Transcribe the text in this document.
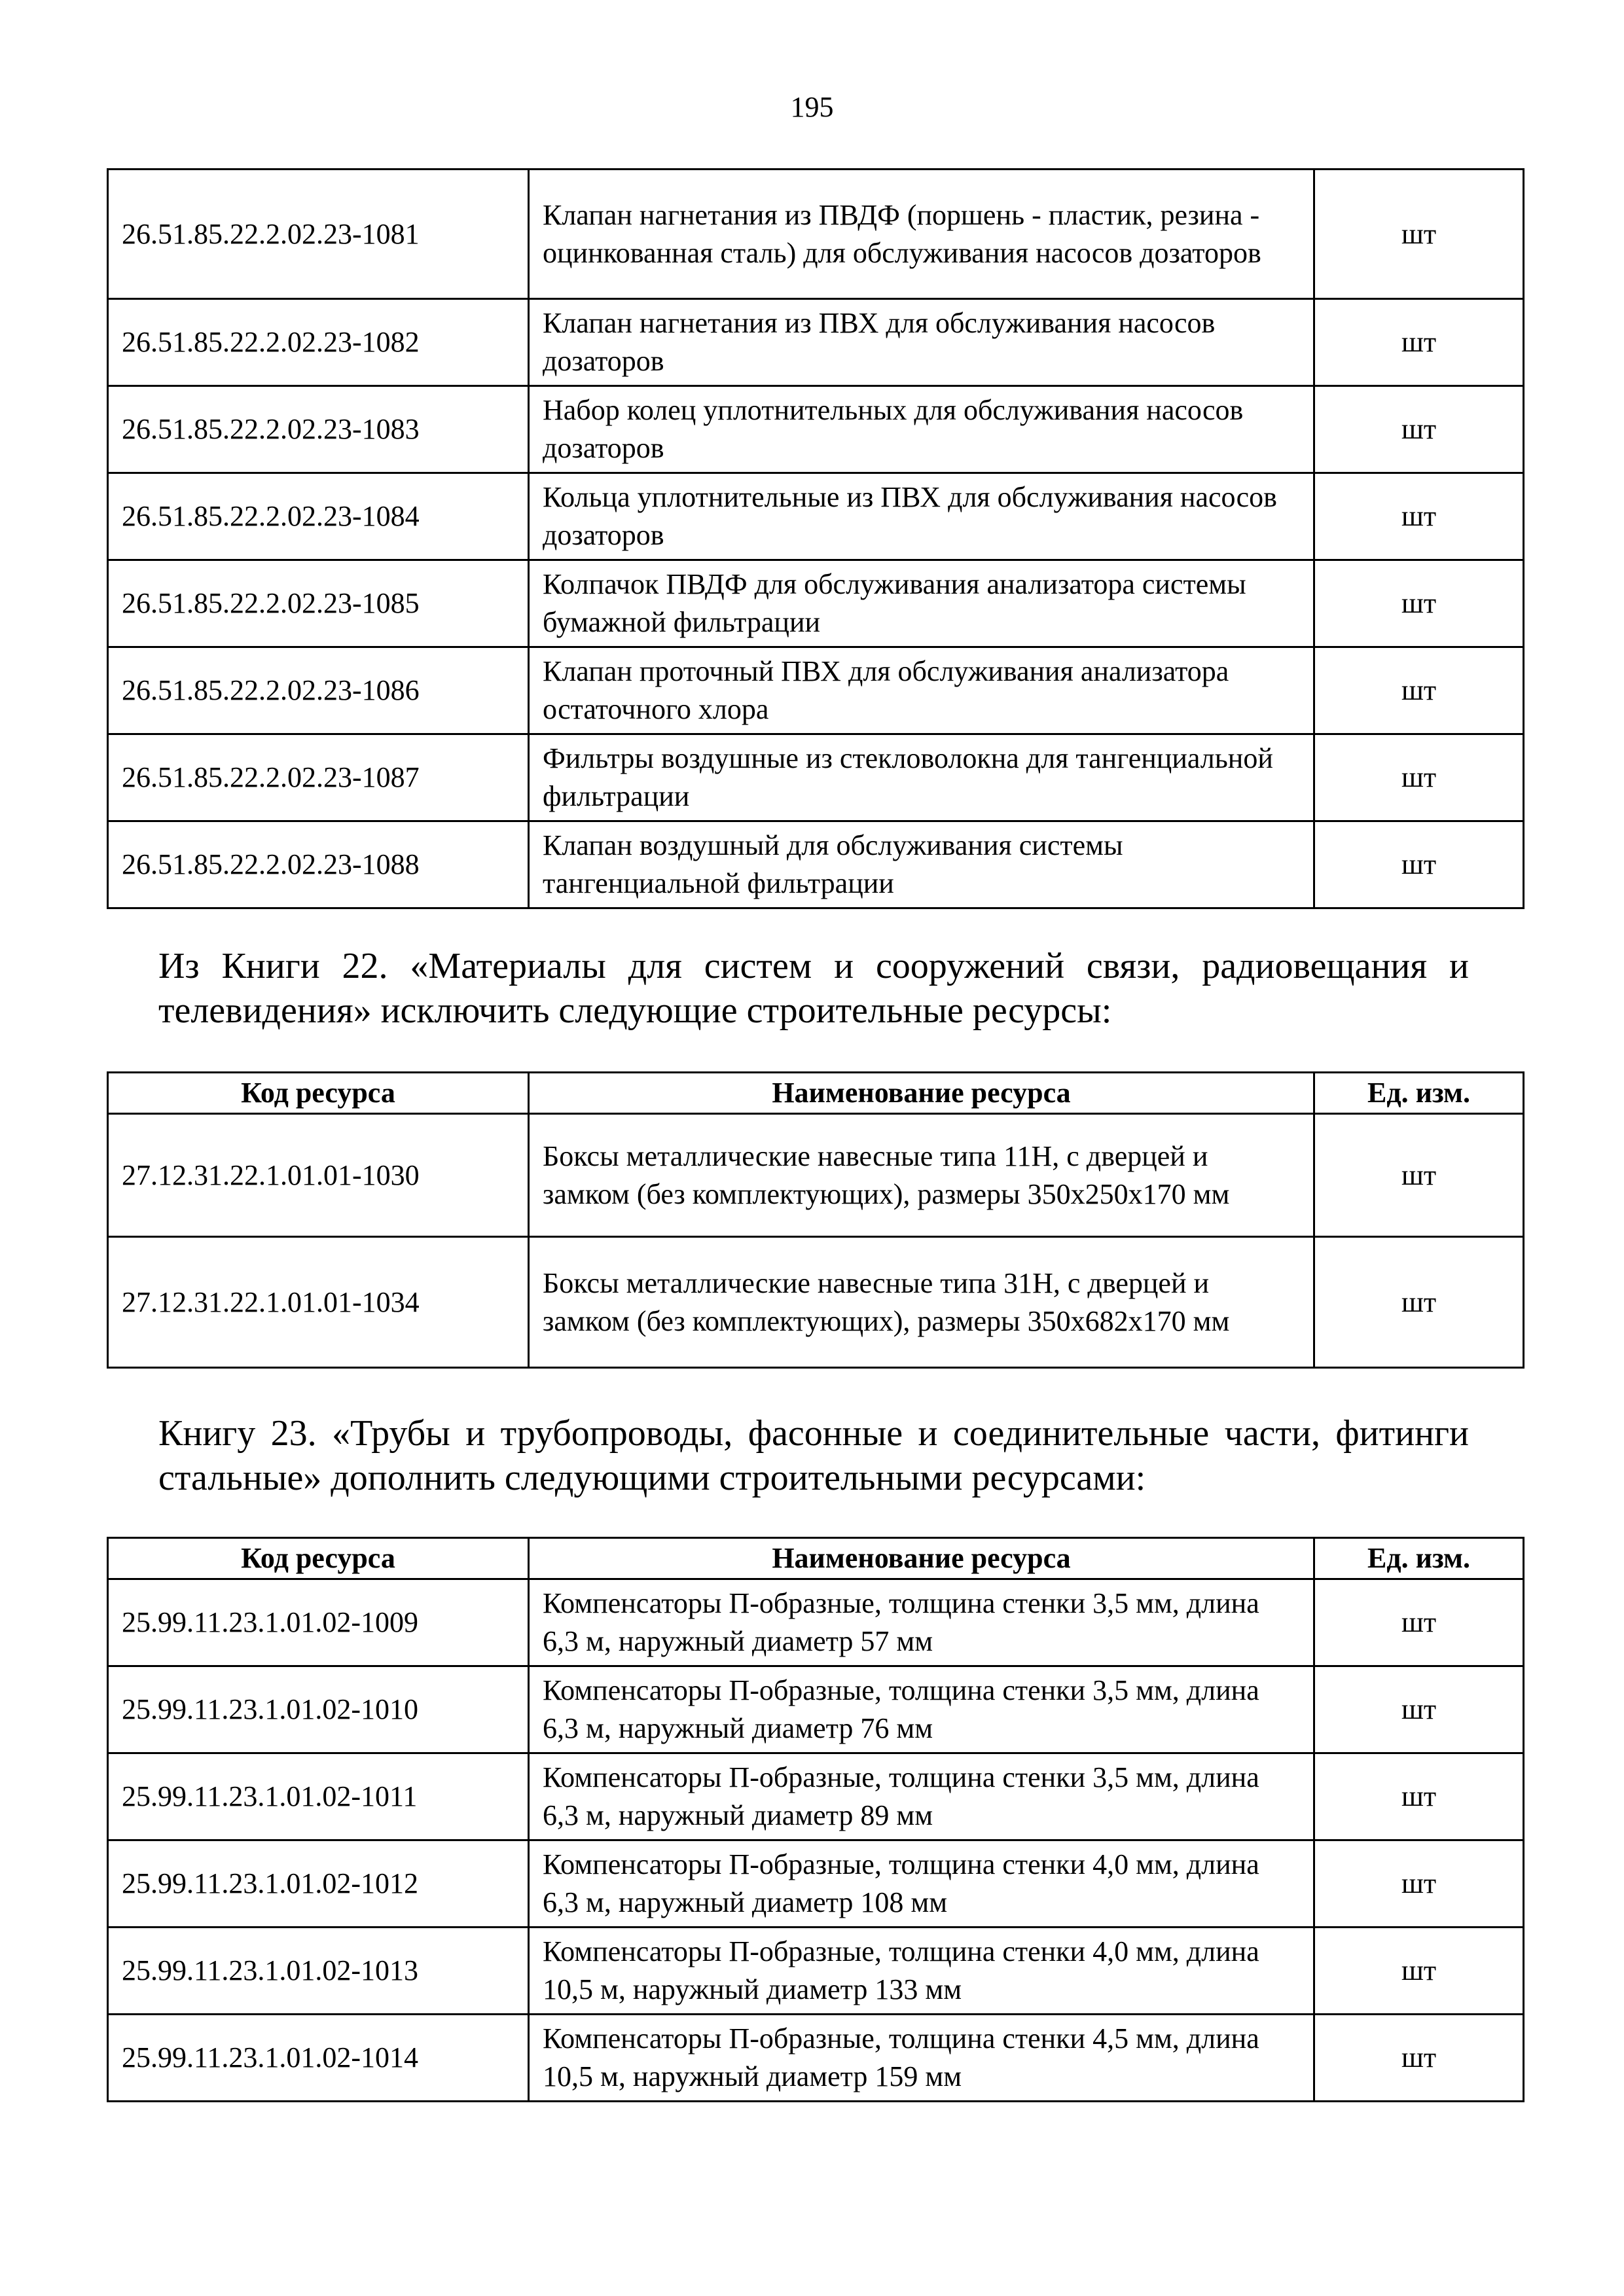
195
26.51.85.22.2.02.23-1081	Клапан нагнетания из ПВДФ (поршень - пластик, резина - оцинкованная сталь) для обслуживания насосов дозаторов	шт
26.51.85.22.2.02.23-1082	Клапан нагнетания из ПВХ для обслуживания насосов дозаторов	шт
26.51.85.22.2.02.23-1083	Набор колец уплотнительных для обслуживания насосов дозаторов	шт
26.51.85.22.2.02.23-1084	Кольца уплотнительные из ПВХ для обслуживания насосов дозаторов	шт
26.51.85.22.2.02.23-1085	Колпачок ПВДФ для обслуживания анализатора системы бумажной фильтрации	шт
26.51.85.22.2.02.23-1086	Клапан проточный ПВХ для обслуживания анализатора остаточного хлора	шт
26.51.85.22.2.02.23-1087	Фильтры воздушные из стекловолокна для тангенциальной фильтрации	шт
26.51.85.22.2.02.23-1088	Клапан воздушный для обслуживания системы тангенциальной фильтрации	шт

Из Книги 22. «Материалы для систем и сооружений связи, радиовещания и телевидения» исключить следующие строительные ресурсы:

Код ресурса	Наименование ресурса	Ед. изм.
27.12.31.22.1.01.01-1030	Боксы металлические навесные типа 11Н, с дверцей и замком (без комплектующих), размеры 350x250x170 мм	шт
27.12.31.22.1.01.01-1034	Боксы металлические навесные типа 31Н, с дверцей и замком (без комплектующих), размеры 350x682x170 мм	шт

Книгу 23. «Трубы и трубопроводы, фасонные и соединительные части, фитинги стальные» дополнить следующими строительными ресурсами:

Код ресурса	Наименование ресурса	Ед. изм.
25.99.11.23.1.01.02-1009	Компенсаторы П-образные, толщина стенки 3,5 мм, длина 6,3 м, наружный диаметр 57 мм	шт
25.99.11.23.1.01.02-1010	Компенсаторы П-образные, толщина стенки 3,5 мм, длина 6,3 м, наружный диаметр 76 мм	шт
25.99.11.23.1.01.02-1011	Компенсаторы П-образные, толщина стенки 3,5 мм, длина 6,3 м, наружный диаметр 89 мм	шт
25.99.11.23.1.01.02-1012	Компенсаторы П-образные, толщина стенки 4,0 мм, длина 6,3 м, наружный диаметр 108 мм	шт
25.99.11.23.1.01.02-1013	Компенсаторы П-образные, толщина стенки 4,0 мм, длина 10,5 м, наружный диаметр 133 мм	шт
25.99.11.23.1.01.02-1014	Компенсаторы П-образные, толщина стенки 4,5 мм, длина 10,5 м, наружный диаметр 159 мм	шт
